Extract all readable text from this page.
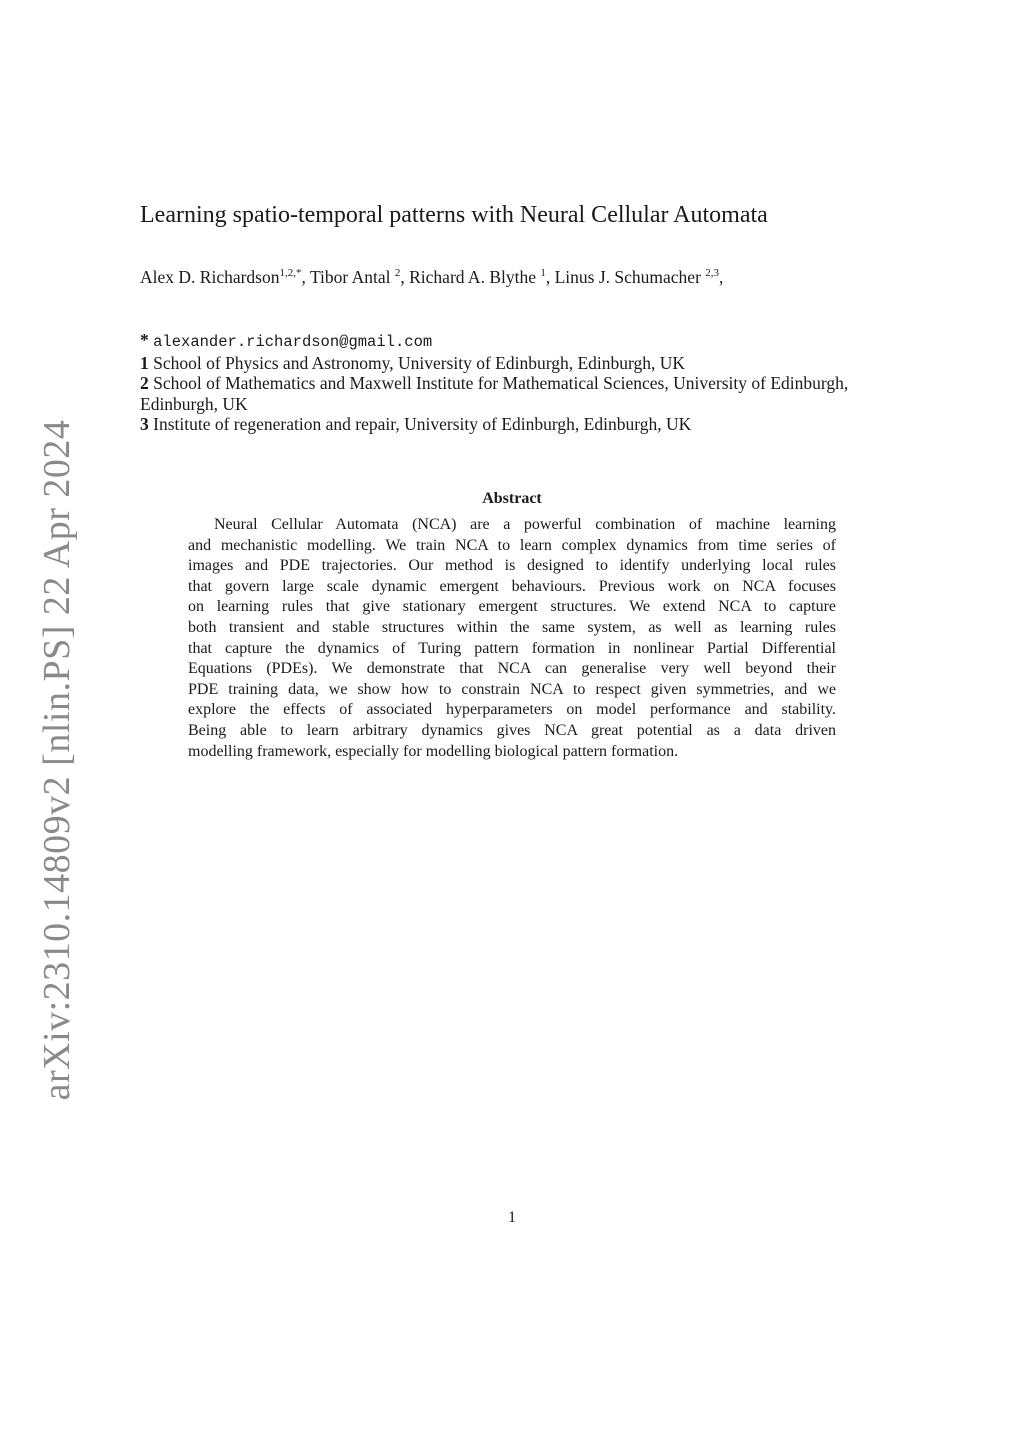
arXiv:2310.14809v2 [nlin.PS] 22 Apr 2024
Learning spatio-temporal patterns with Neural Cellular Automata
Alex D. Richardson$^{1,2,*}$, Tibor Antal $^2$, Richard A. Blythe $^1$, Linus J. Schumacher $^{2,3}$,

* alexander.richardson@gmail.com

1 School of Physics and Astronomy, University of Edinburgh, Edinburgh, UK

2 School of Mathematics and Maxwell Institute for Mathematical Sciences, University of Edinburgh, Edinburgh, UK

3 Institute of regeneration and repair, University of Edinburgh, Edinburgh, UK

Abstract
Neural Cellular Automata (NCA) are a powerful combination of machine learning
and mechanistic modelling. We train NCA to learn complex dynamics from time series of
images and PDE trajectories. Our method is designed to identify underlying local rules
that govern large scale dynamic emergent behaviours. Previous work on NCA focuses
on learning rules that give stationary emergent structures. We extend NCA to capture
both transient and stable structures within the same system, as well as learning rules
that capture the dynamics of Turing pattern formation in nonlinear Partial Differential
Equations (PDEs). We demonstrate that NCA can generalise very well beyond their
PDE training data, we show how to constrain NCA to respect given symmetries, and we
explore the effects of associated hyperparameters on model performance and stability.
Being able to learn arbitrary dynamics gives NCA great potential as a data driven
modelling framework, especially for modelling biological pattern formation.
1
